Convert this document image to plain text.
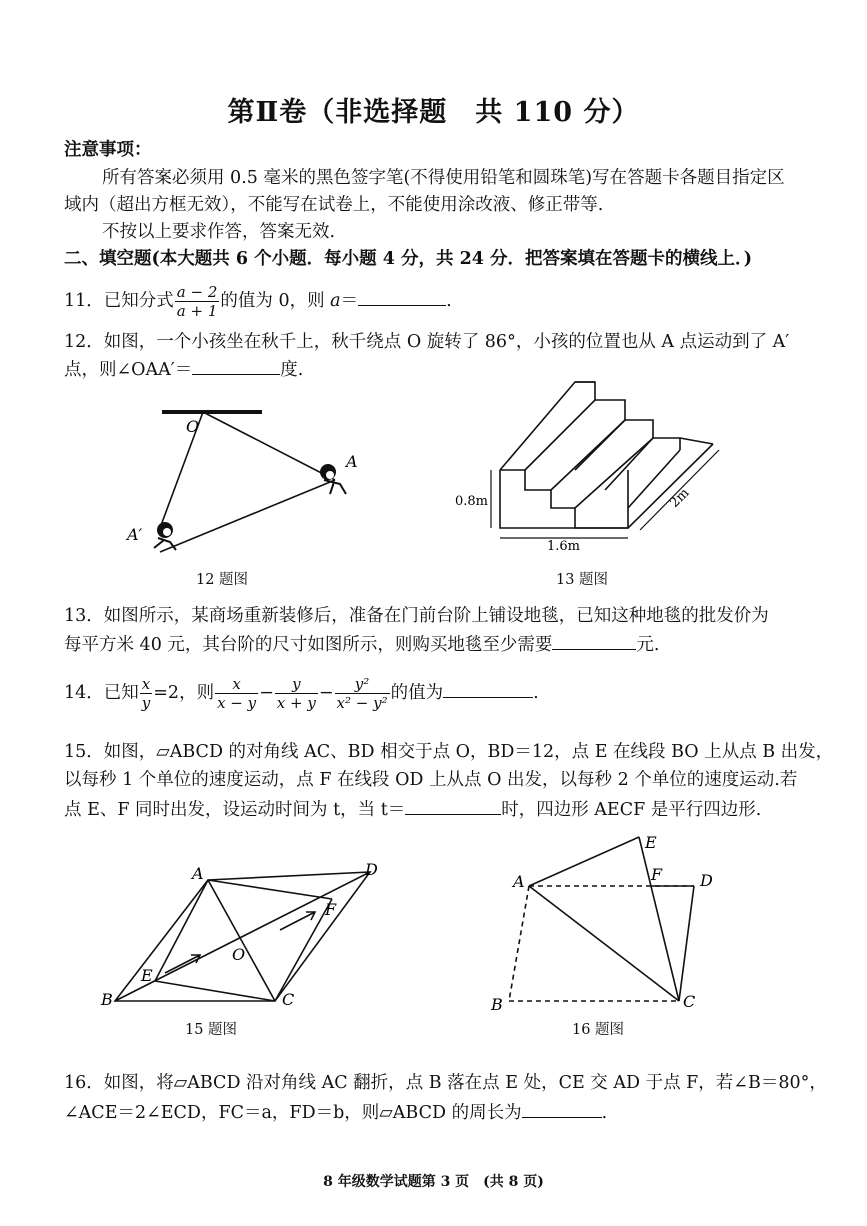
第Ⅱ卷（非选择题　共 110 分）
注意事项：
所有答案必须用 0.5 毫米的黑色签字笔(不得使用铅笔和圆珠笔)写在答题卡各题目指定区
域内（超出方框无效），不能写在试卷上，不能使用涂改液、修正带等.
不按以上要求作答，答案无效.
二、填空题(本大题共 6 个小题．每小题 4 分，共 24 分．把答案填在答题卡的横线上．)
11．已知分式 $\frac{a - 2}{a + 1}$ 的值为 0，则 a＝	.
12．如图，一个小孩坐在秋千上，秋千绕点 O 旋转了 86°，小孩的位置也从 A 点运动到了 A′
点，则∠OAA′＝	度.
O
A
A′
12 题图
0.8m
1.6m
2m
13 题图
13．如图所示，某商场重新装修后，准备在门前台阶上铺设地毯，已知这种地毯的批发价为
每平方米 40 元，其台阶的尺寸如图所示，则购买地毯至少需要	元.
14．已知 $\frac{x}{y} =2$，则 $\frac{x}{x - y} - \frac{y}{x + y} - \frac{\text{y²}}{\text{x² − y²}}$ 的值为	.
15．如图，▱ABCD 的对角线 AC、BD 相交于点 O，BD＝12，点 E 在线段 BO 上从点 B 出发，
以每秒 1 个单位的速度运动，点 F 在线段 OD 上从点 O 出发，以每秒 2 个单位的速度运动.若
点 E、F 同时出发，设运动时间为 t，当 t＝	时，四边形 AECF 是平行四边形.
A	D
B	C
E
F
O
15 题图
A
E
F D
B	C
16 题图
16．如图，将▱ABCD 沿对角线 AC 翻折，点 B 落在点 E 处，CE 交 AD 于点 F，若∠B＝80°，
∠ACE＝2∠ECD，FC＝a，FD＝b，则▱ABCD 的周长为	.
8 年级数学试题第 3 页　(共 8 页)
